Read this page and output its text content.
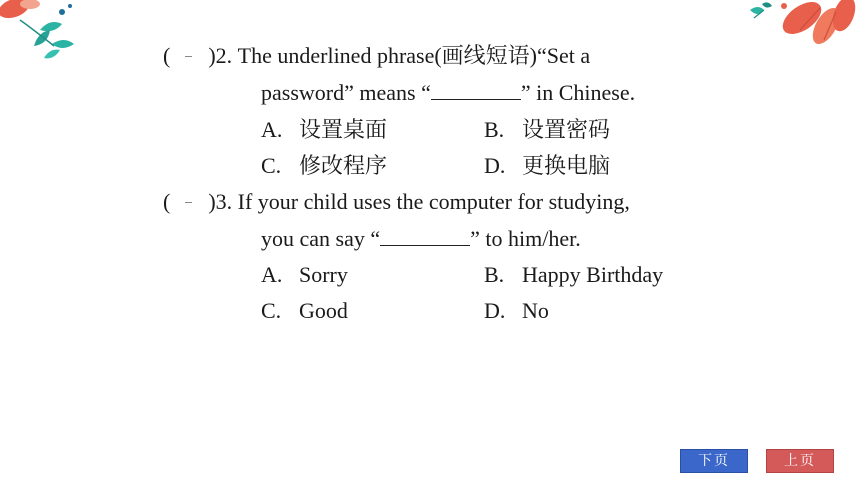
( )2. The underlined phrase(画线短语)“Set a
password” means “	” in Chinese.
A. 设置桌面	B. 设置密码
C. 修改程序	D. 更换电脑
( )3. If your child uses the computer for studying,
you can say “	” to him/her.
A. Sorry	B. Happy Birthday
C. Good	D. No
下页	上页
